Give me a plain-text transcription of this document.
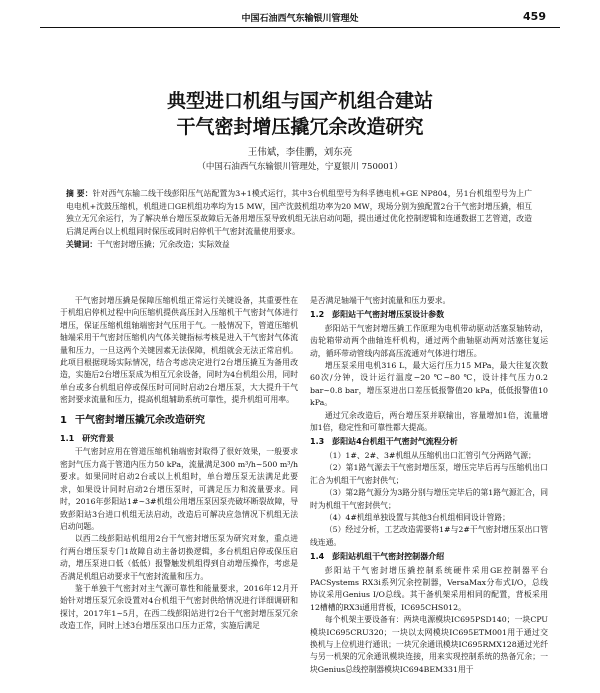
中国石油西气东输银川管理处	459
典型进口机组与国产机组合建站
干气密封增压撬冗余改造研究
王伟斌，李佳鹏，刘东亮
（中国石油西气东输银川管理处，宁夏银川 750001）
摘 要：针对西气东输二线干线彭阳压气站配置为3+1模式运行，其中3台机组型号为科孚德电机+GE NP804，另1台机组型号为上广电电机+沈鼓压缩机，机组进口GE机组功率均为15 MW，国产沈鼓机组功率为20 MW，现场分别为独配置2台干气密封增压撬，相互独立无冗余运行，为了解决单台增压泵故障后无备用增压泵导致机组无法启动问题，提出通过优化控制逻辑和连通数据工艺管道，改造后满足两台以上机组同时保压或同时启停机干气密封流量使用要求。
关键词：干气密封增压撬；冗余改造；实际效益

干气密封增压撬是保障压缩机组正常运行关键设备，其重要性在于机组启停机过程中向压缩机提供高压封入压缩机干气密封气体进行增压，保证压缩机组轴端密封气压用于气。一般情况下，管道压缩机轴端采用干气密封压缩机内气体关键指标考核是进入干气密封气体流量和压力，一旦这两个关键因素无法保障，机组就会无法正常启机。此项目根据现场实际情况，结合考虑决定进行2台增压撬互为备用改造，实施后2台增压泵成为相互冗余设备，同时为4台机组公用，同时单台或多台机组启停或保压时可同时启动2台增压泵，大大提升干气密封要求流量和压力，提高机组辅助系统可靠性，提升机组可用率。

1 干气密封增压撬冗余改造研究
1.1 研究背景

干气密封应用在管道压缩机轴端密封取得了很好效果，一般要求密封气压力高于管道内压力50 kPa，流量满足300 m³/h~500 m³/h要求。如果同时启动2台或以上机组时，单台增压泵无法满足此要求，如果设计同时启动2台增压泵时，可满足压力和流量要求。同时，2016年彭阳站1#~3#机组公用增压泵因泵壳破坏断裂故障，导致彭阳站3台进口机组无法启动，改造后可解决应急情况下机组无法启动问题。

以西二线彭阳站机组用2台干气密封增压泵为研究对象，重点进行两台增压泵专门1故障自动主备切换逻辑，多台机组启停或保压启动，增压泵进口低（低低）报警触发机组得到自动增压操作，考虑是否满足机组启动要求干气密封流量和压力。

鉴于单独干气密封对主气源可靠性和能量要求，2016年12月开始针对增压泵冗余设置对4台机组干气密封供给情况进行详细调研和探讨，2017年1~5月，在西二线彭阳站进行2台干气密封增压泵冗余改造工作，同时上述3台增压泵出口压力正常，实施后满足

是否满足轴端干气密封流量和压力要求。

1.2 彭阳站干气密封增压泵设计参数

彭阳站干气密封增压撬工作原理为电机带动驱动活塞泵轴转动，齿轮箱带动两个曲轴连杆机构，通过两个曲轴驱动两对活塞往复运动，循环带动管线内部高压流通对气体进行增压。

增压泵采用电机316 L，最大运行压力15 MPa，最大往复次数60次/分钟，设计运行温度−20 ℃~80 ℃，设计排气压力0.2 bar~0.8 bar，增压泵进出口差压低报警值20 kPa，低低报警值10 kPa。

通过冗余改造后，两台增压泵并联输出，容量增加1倍，流量增加1倍，稳定性和可靠性都大提高。

1.3 彭阳站4台机组干气密封气流程分析

（1）1#、2#、3#机组从压缩机出口汇管引气分两路气源；

（2）第1路气源去干气密封增压泵，增压完毕后再与压缩机出口汇合为机组干气密封供气；

（3）第2路气源分为3路分别与增压完毕后的第1路气源汇合，同时为机组干气密封供气；

（4）4#机组单独设置与其他3台机组相同设计管路；

（5）经过分析，工艺改造需要将1#与2#干气密封增压泵出口管线连通。

1.4 彭阳站机组干气密封控制器介绍

彭阳站干气密封增压撬控制系统硬件采用GE控制器平台PACSystems RX3i系列冗余控制器，VersaMax分布式I/O，总线协议采用Genius I/O总线。其干备机架采用相同的配置，背板采用12槽槽的RX3i通用背板，IC695CHS012。

每个机架主要设备有：两块电源模块IC695PSD140；一块CPU模块IC695CRU320；一块以太网模块IC695ETM001用于通过交换机与上位机进行通讯；一块冗余通讯模块IC695RMX128通过光纤与另一机架的冗余通讯模块连接，用来实现控制系统的热备冗余；一块Genius总线控制器模块IC694BEM331用于
